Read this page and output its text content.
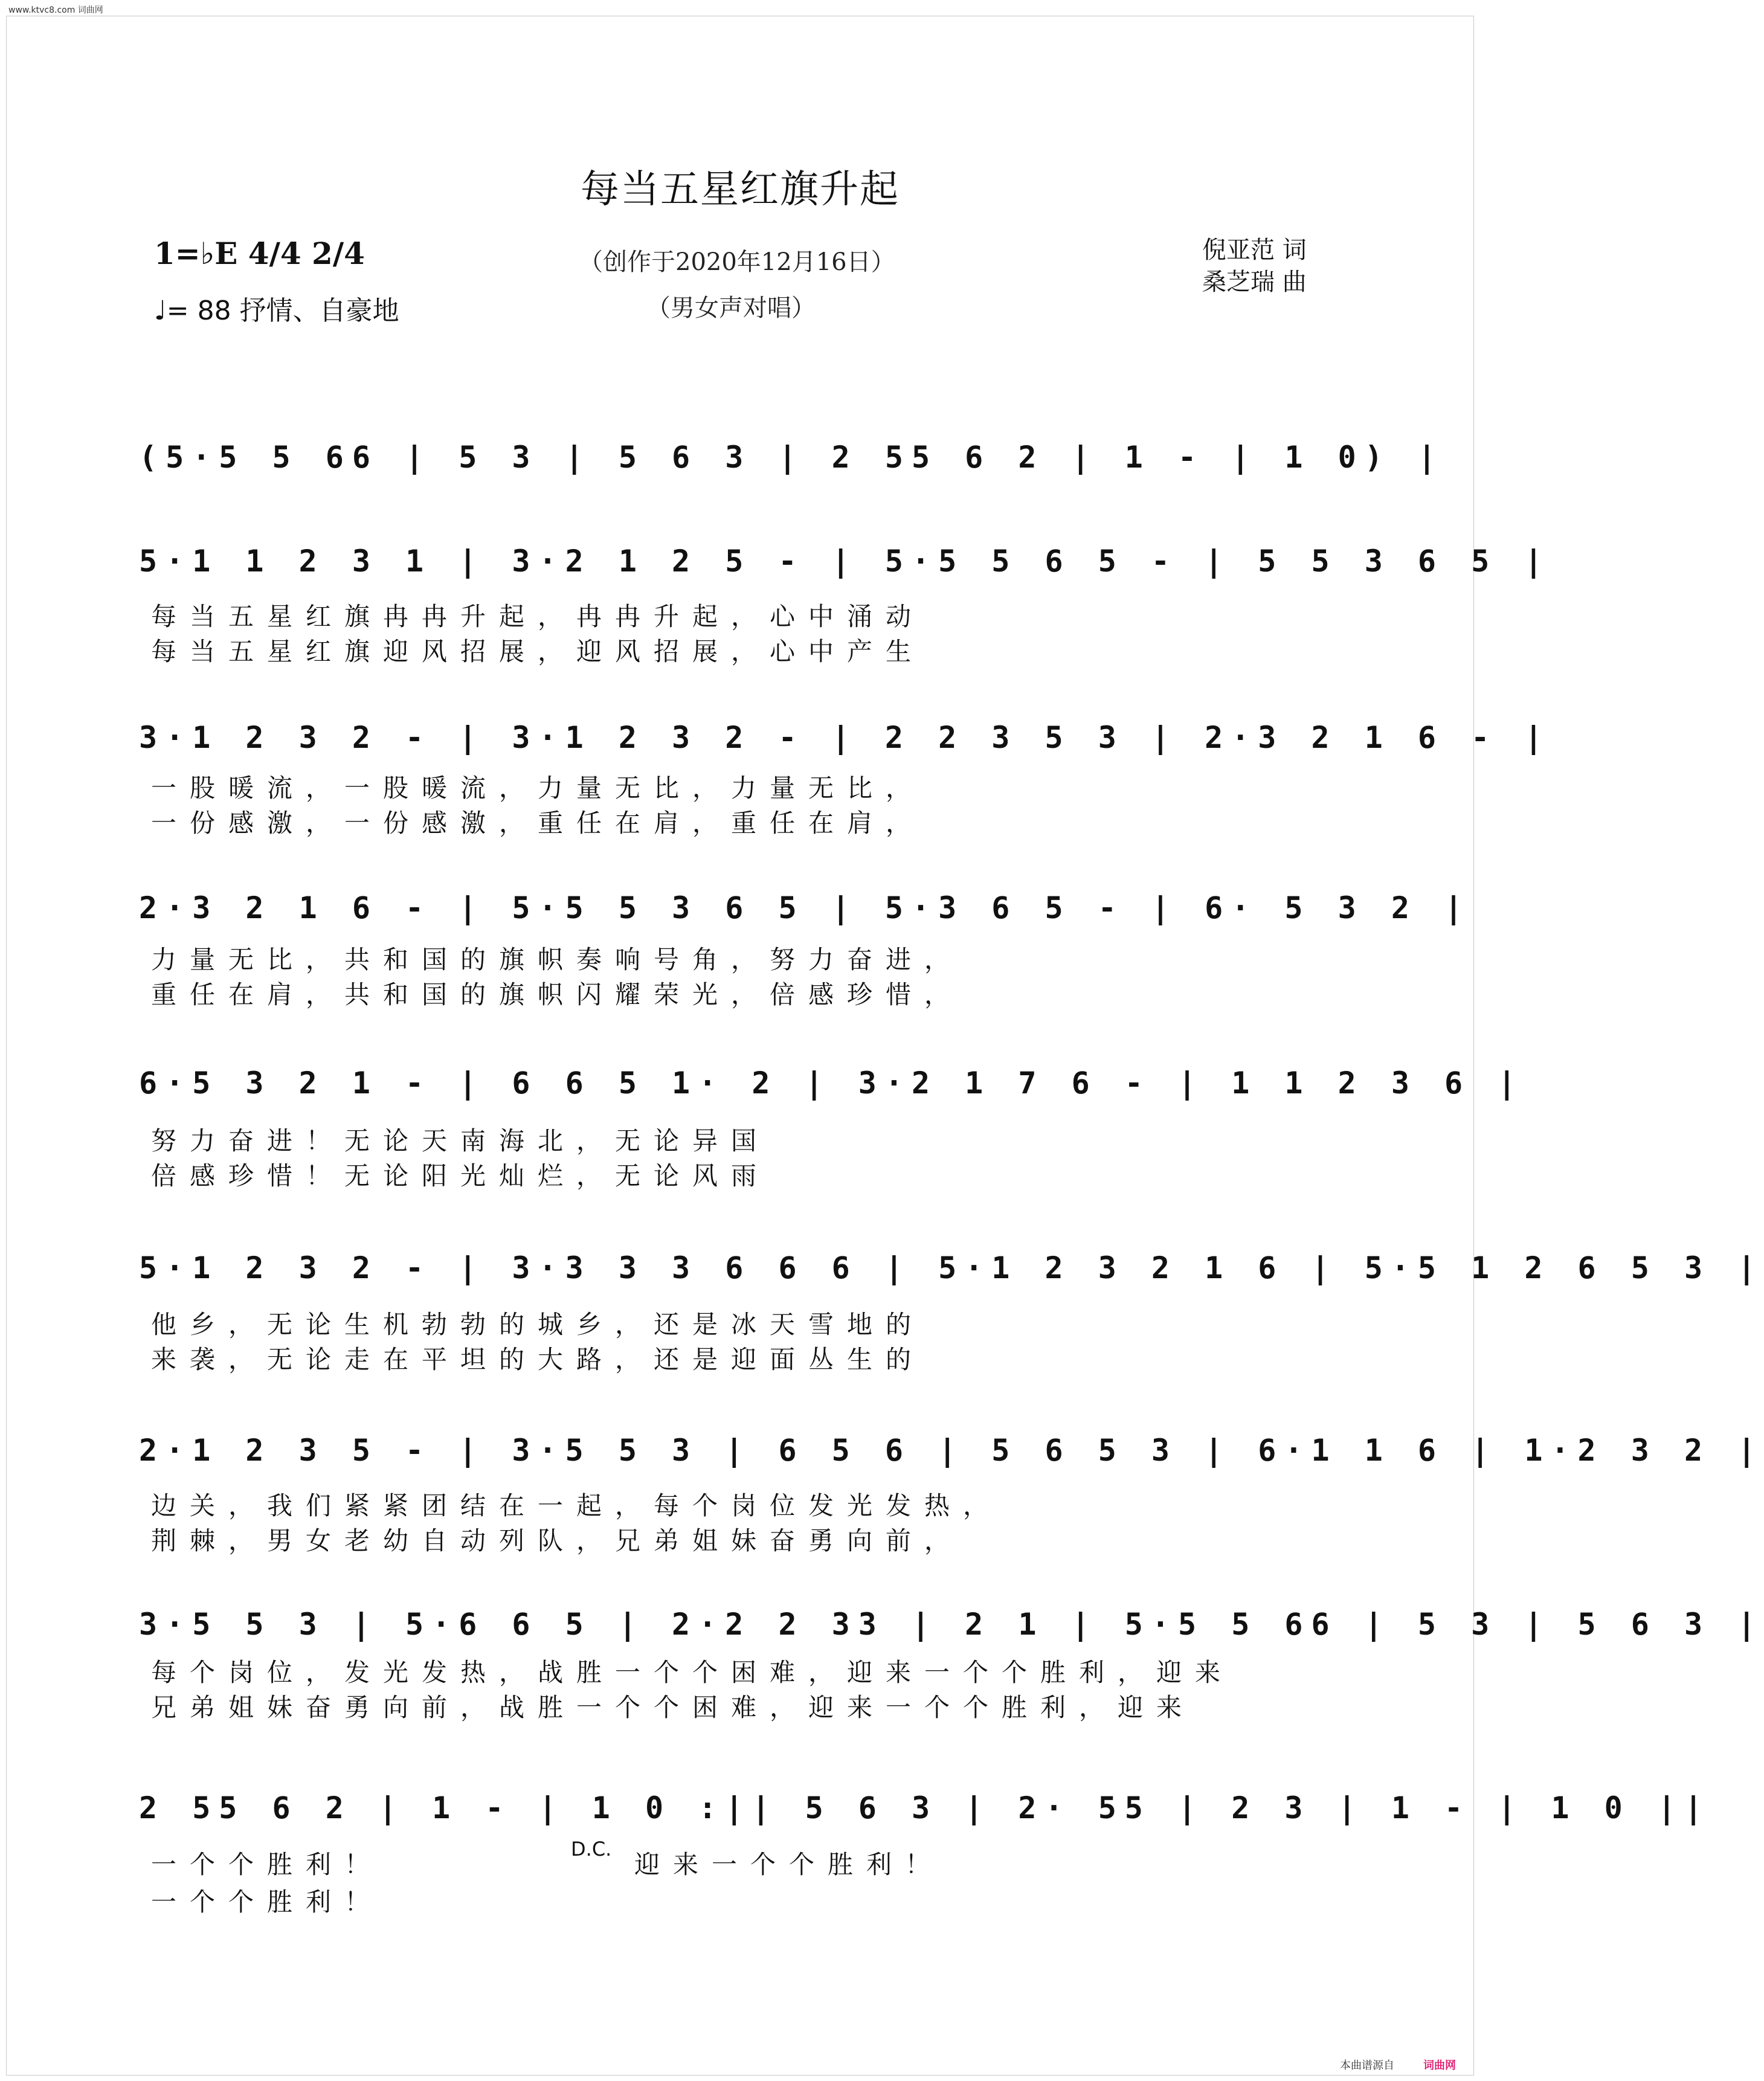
www.ktvc8.com 词曲网
每当五星红旗升起
1=♭E 4/4 2/4
♩= 88 抒情、自豪地
（创作于2020年12月16日）
（男女声对唱）
倪亚范 词
桑芝瑞 曲
(5·5 5 66 | 5 3 | 5 6 3 | 2 55 6 2 | 1 - | 1 0) |
5·1 1 2 3 1 | 3·2 1 2 5 - | 5·5 5 6 5 - | 5 5 3 6 5 |
每当五星红旗冉冉升起，冉冉升起，心中涌动
每当五星红旗迎风招展，迎风招展，心中产生
3·1 2 3 2 - | 3·1 2 3 2 - | 2 2 3 5 3 | 2·3 2 1 6 - |
一股暖流，一股暖流，力量无比，力量无比，
一份感激，一份感激，重任在肩，重任在肩，
2·3 2 1 6 - | 5·5 5 3 6 5 | 5·3 6 5 - | 6· 5 3 2 |
力量无比，共和国的旗帜奏响号角，努力奋进，
重任在肩，共和国的旗帜闪耀荣光，倍感珍惜，
6·5 3 2 1 - | 6 6 5 1· 2 | 3·2 1 7 6 - | 1 1 2 3 6 |
努力奋进！无论天南海北，无论异国
倍感珍惜！无论阳光灿烂，无论风雨
5·1 2 3 2 - | 3·3 3 3 6 6 6 | 5·1 2 3 2 1 6 | 5·5 1 2 6 5 3 |
他乡，无论生机勃勃的城乡，还是冰天雪地的
来袭，无论走在平坦的大路，还是迎面丛生的
2·1 2 3 5 - | 3·5 5 3 | 6 5 6 | 5 6 5 3 | 6·1 1 6 | 1·2 3 2 |
边关，我们紧紧团结在一起，每个岗位发光发热，
荆棘，男女老幼自动列队，兄弟姐妹奋勇向前，
3·5 5 3 | 5·6 6 5 | 2·2 2 33 | 2 1 | 5·5 5 66 | 5 3 | 5 6 3 |
每个岗位，发光发热，战胜一个个困难，迎来一个个胜利，迎来
兄弟姐妹奋勇向前，战胜一个个困难，迎来一个个胜利，迎来
2 55 6 2 | 1 - | 1 0 :|| 5 6 3 | 2· 55 | 2 3 | 1 - | 1 0 ||
一个个胜利！
D.C.
迎来一个个胜利！
一个个胜利！
本曲谱源自	词曲网
